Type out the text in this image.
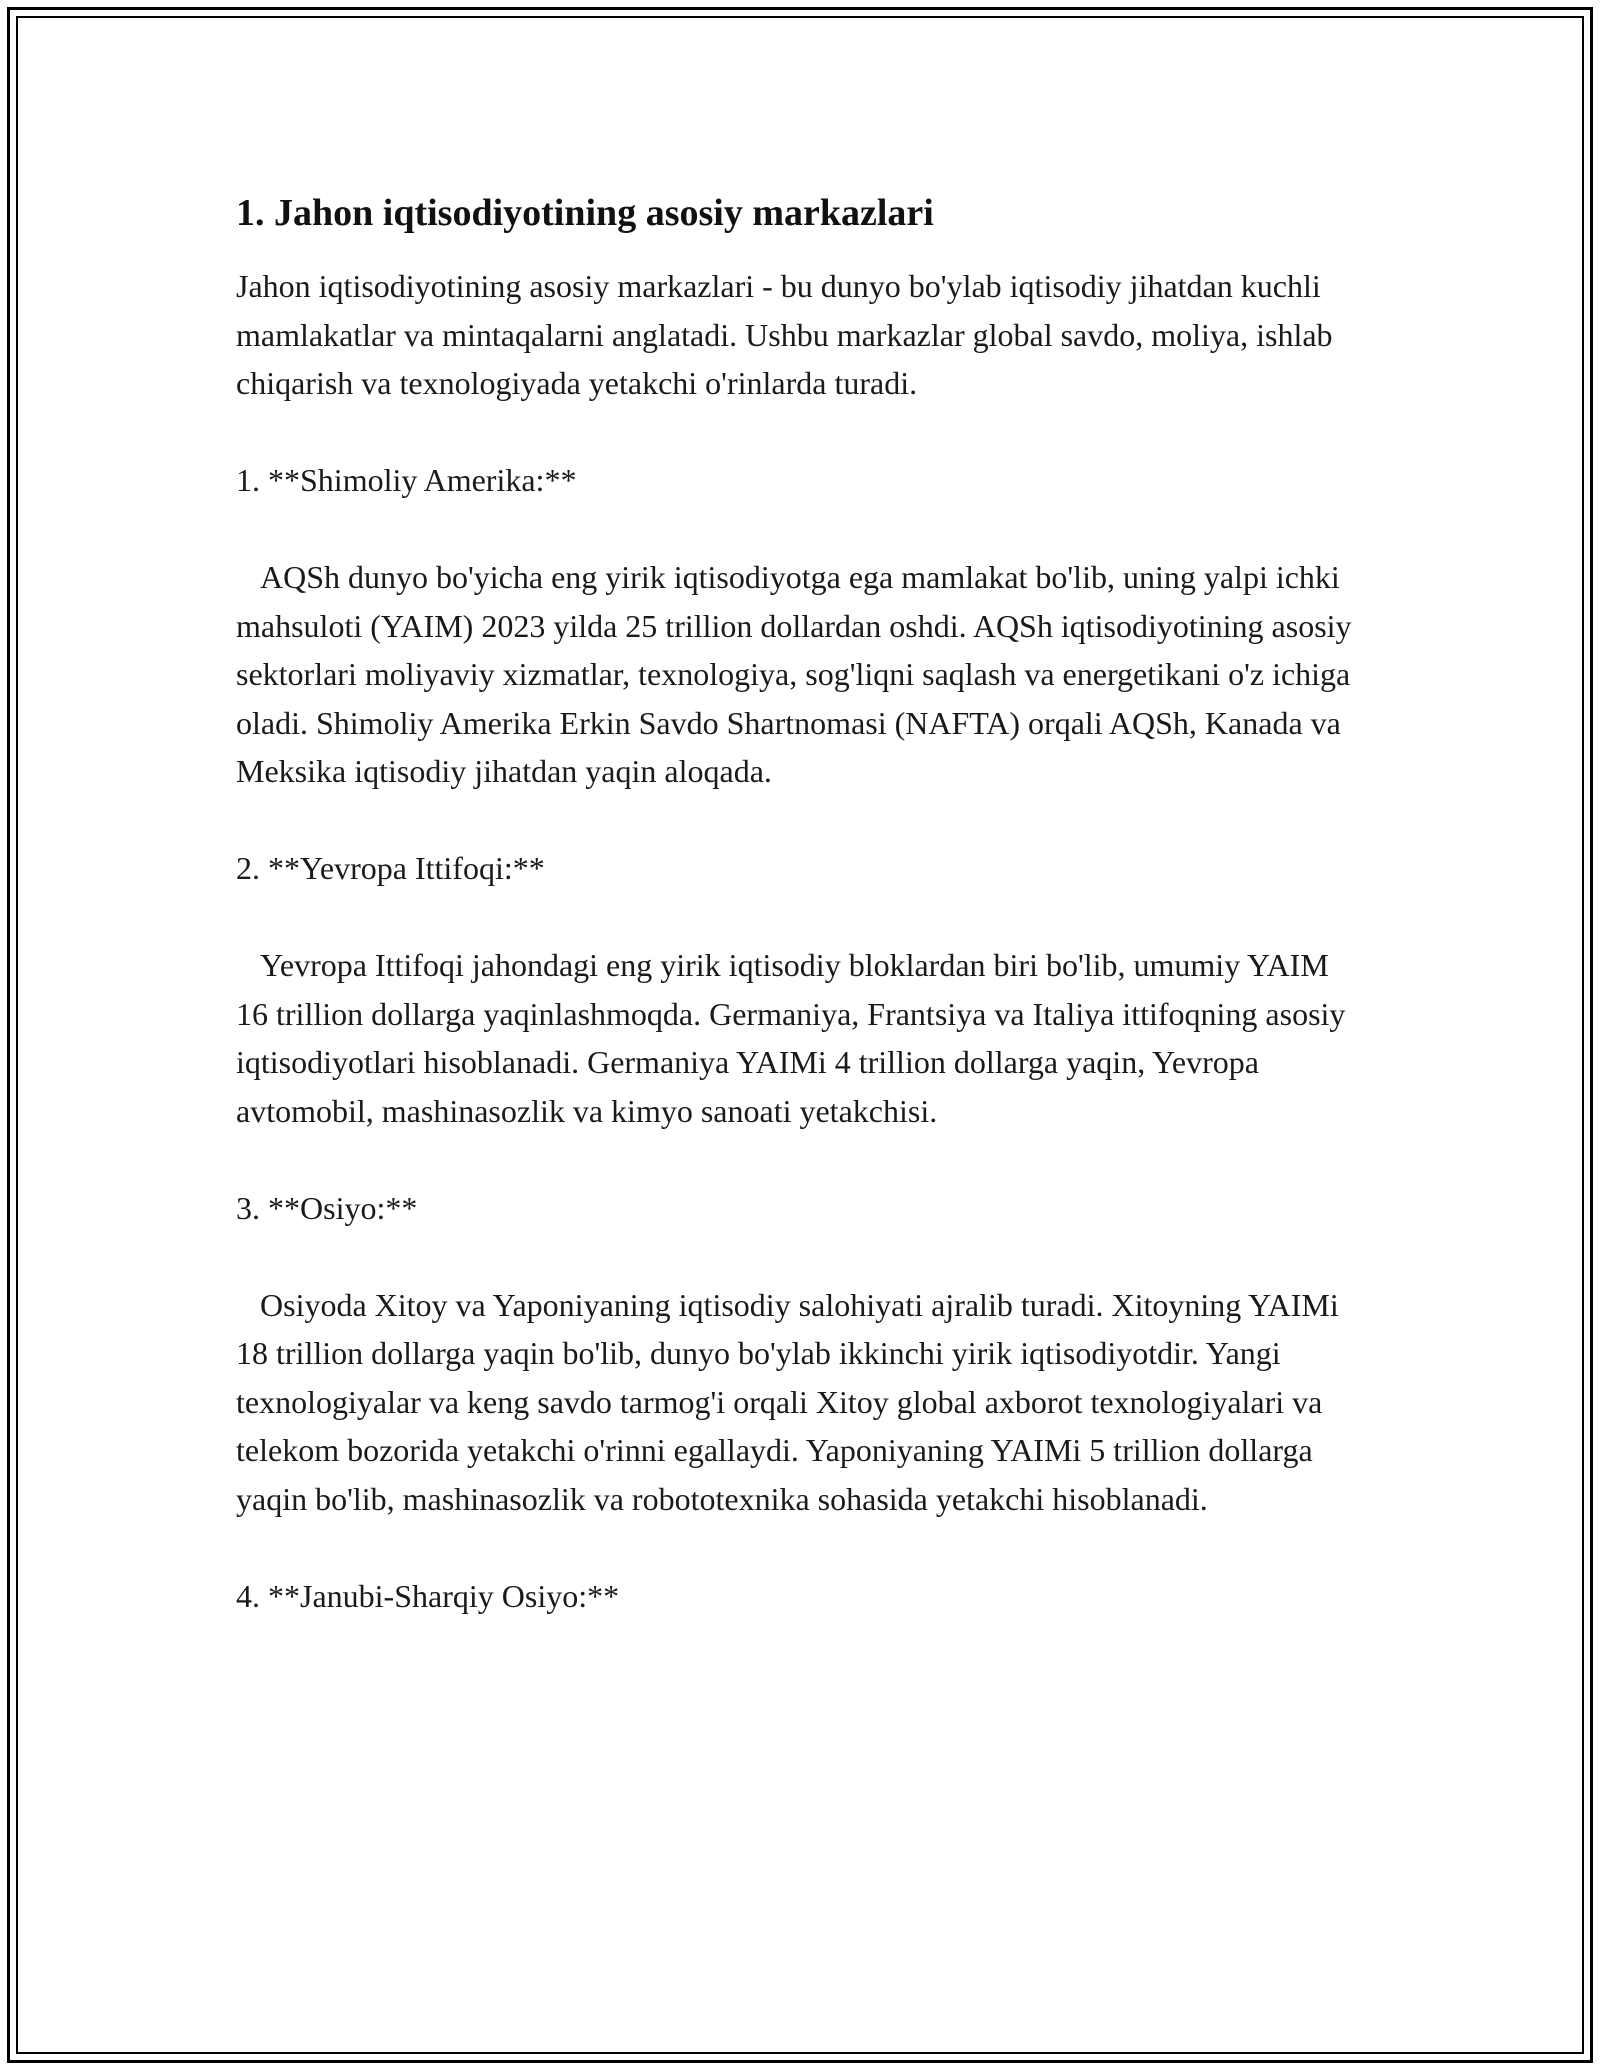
1. Jahon iqtisodiyotining asosiy markazlari

Jahon iqtisodiyotining asosiy markazlari - bu dunyo bo'ylab iqtisodiy jihatdan kuchli mamlakatlar va mintaqalarni anglatadi. Ushbu markazlar global savdo, moliya, ishlab chiqarish va texnologiyada yetakchi o'rinlarda turadi.

1. **Shimoliy Amerika:**

AQSh dunyo bo'yicha eng yirik iqtisodiyotga ega mamlakat bo'lib, uning yalpi ichki mahsuloti (YAIM) 2023 yilda 25 trillion dollardan oshdi. AQSh iqtisodiyotining asosiy sektorlari moliyaviy xizmatlar, texnologiya, sog'liqni saqlash va energetikani o'z ichiga oladi. Shimoliy Amerika Erkin Savdo Shartnomasi (NAFTA) orqali AQSh, Kanada va Meksika iqtisodiy jihatdan yaqin aloqada.

2. **Yevropa Ittifoqi:**

Yevropa Ittifoqi jahondagi eng yirik iqtisodiy bloklardan biri bo'lib, umumiy YAIM 16 trillion dollarga yaqinlashmoqda. Germaniya, Frantsiya va Italiya ittifoqning asosiy iqtisodiyotlari hisoblanadi. Germaniya YAIMi 4 trillion dollarga yaqin, Yevropa avtomobil, mashinasozlik va kimyo sanoati yetakchisi.

3. **Osiyo:**

Osiyoda Xitoy va Yaponiyaning iqtisodiy salohiyati ajralib turadi. Xitoyning YAIMi 18 trillion dollarga yaqin bo'lib, dunyo bo'ylab ikkinchi yirik iqtisodiyotdir. Yangi texnologiyalar va keng savdo tarmog'i orqali Xitoy global axborot texnologiyalari va telekom bozorida yetakchi o'rinni egallaydi. Yaponiyaning YAIMi 5 trillion dollarga yaqin bo'lib, mashinasozlik va robototexnika sohasida yetakchi hisoblanadi.

4. **Janubi-Sharqiy Osiyo:**
